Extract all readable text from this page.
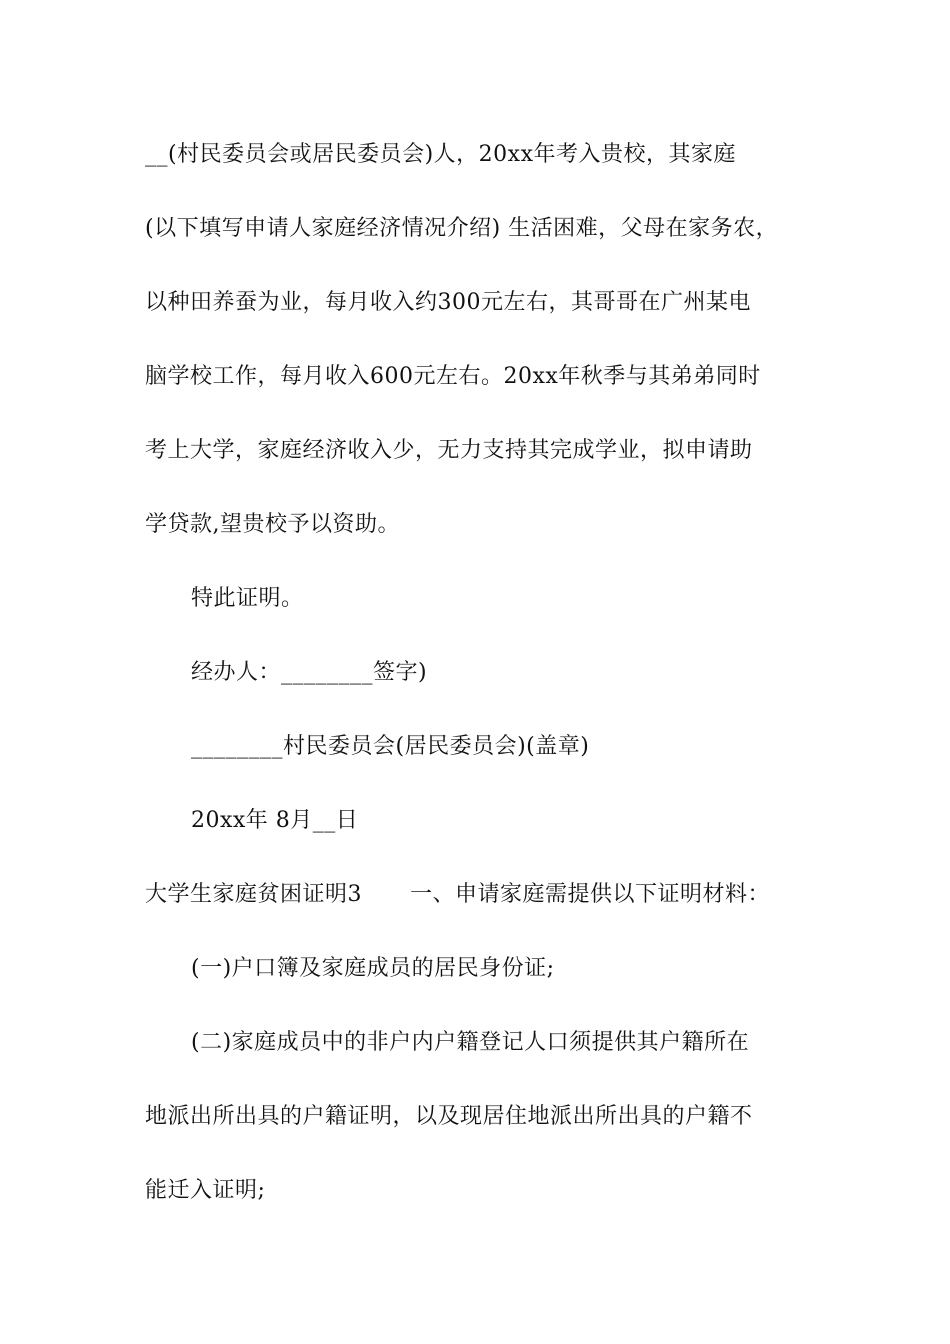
__(村民委员会或居民委员会)人，20xx年考入贵校，其家庭
(以下填写申请人家庭经济情况介绍) 生活困难，父母在家务农，
以种田养蚕为业，每月收入约300元左右，其哥哥在广州某电
脑学校工作，每月收入600元左右。20xx年秋季与其弟弟同时
考上大学，家庭经济收入少，无力支持其完成学业，拟申请助
学贷款,望贵校予以资助。
特此证明。
经办人：________签字)
________村民委员会(居民委员会)(盖章)
20xx年 8月__日
大学生家庭贫困证明3 一、申请家庭需提供以下证明材料：
(一)户口簿及家庭成员的居民身份证;
(二)家庭成员中的非户内户籍登记人口须提供其户籍所在
地派出所出具的户籍证明，以及现居住地派出所出具的户籍不
能迁入证明;
